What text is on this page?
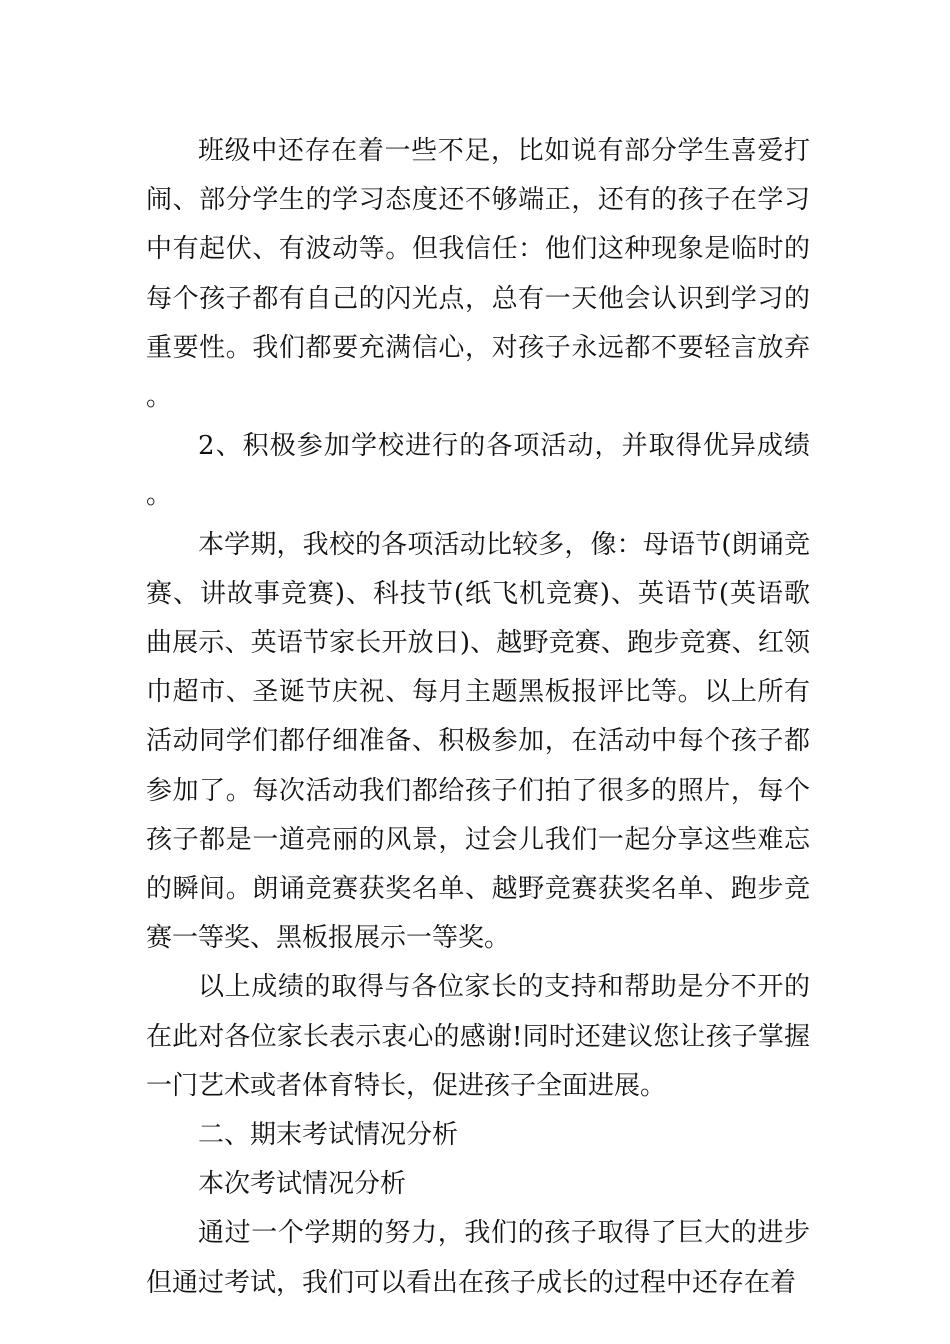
班级中还存在着一些不足，比如说有部分学生喜爱打闹、部分学生的学习态度还不够端正，还有的孩子在学习中有起伏、有波动等。但我信任：他们这种现象是临时的每个孩子都有自己的闪光点，总有一天他会认识到学习的重要性。我们都要充满信心，对孩子永远都不要轻言放弃。

2、积极参加学校进行的各项活动，并取得优异成绩。

本学期，我校的各项活动比较多，像：母语节(朗诵竞赛、讲故事竞赛)、科技节(纸飞机竞赛)、英语节(英语歌曲展示、英语节家长开放日)、越野竞赛、跑步竞赛、红领巾超市、圣诞节庆祝、每月主题黑板报评比等。以上所有活动同学们都仔细准备、积极参加，在活动中每个孩子都参加了。每次活动我们都给孩子们拍了很多的照片，每个孩子都是一道亮丽的风景，过会儿我们一起分享这些难忘的瞬间。朗诵竞赛获奖名单、越野竞赛获奖名单、跑步竞赛一等奖、黑板报展示一等奖。

以上成绩的取得与各位家长的支持和帮助是分不开的在此对各位家长表示衷心的感谢!同时还建议您让孩子掌握一门艺术或者体育特长，促进孩子全面进展。

二、期末考试情况分析

本次考试情况分析

通过一个学期的努力，我们的孩子取得了巨大的进步但通过考试，我们可以看出在孩子成长的过程中还存在着
